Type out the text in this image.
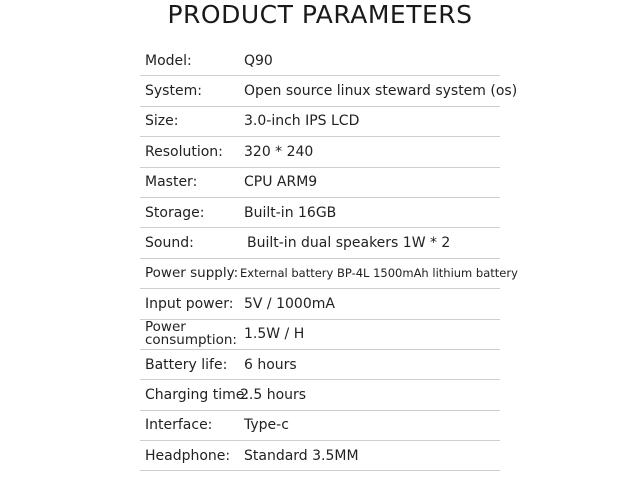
PRODUCT PARAMETERS
Model:	Q90
System:	Open source linux steward system (os)
Size:	3.0-inch IPS LCD
Resolution: 320 * 240
Master:	CPU ARM9
Storage:	Built-in 16GB
Sound:	Built-in dual speakers 1W * 2
Power supply: External battery BP-4L 1500mAh lithium battery
Input power: 5V / 1000mA
Power consumption: 1.5W / H
Battery life: 6 hours
Charging time:
2.5 hours
Interface: Type-c
Headphone: Standard 3.5MM
